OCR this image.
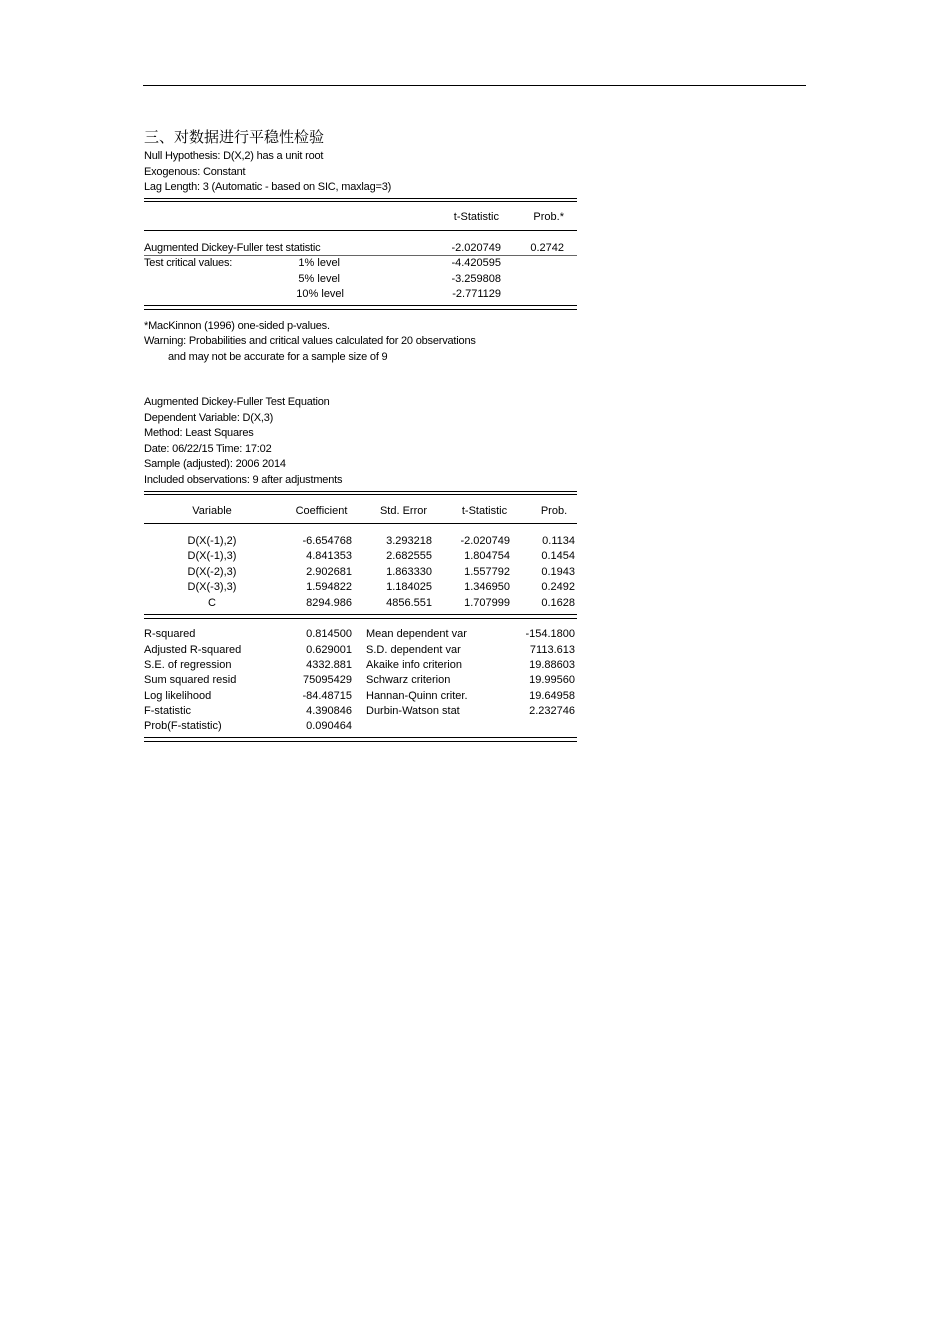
三、对数据进行平稳性检验
Null Hypothesis: D(X,2) has a unit root
Exogenous: Constant
Lag Length: 3 (Automatic - based on SIC, maxlag=3)
t-Statistic	Prob.*
Augmented Dickey-Fuller test statistic	-2.020749	0.2742
Test critical values:	1% level	-4.420595
5% level	-3.259808
10% level	-2.771129
*MacKinnon (1996) one-sided p-values.
Warning: Probabilities and critical values calculated for 20 observations
and may not be accurate for a sample size of 9
Augmented Dickey-Fuller Test Equation
Dependent Variable: D(X,3)
Method: Least Squares
Date: 06/22/15 Time: 17:02
Sample (adjusted): 2006 2014
Included observations: 9 after adjustments
Variable	Coefficient	Std. Error	t-Statistic	Prob.
D(X(-1),2)	-6.654768	3.293218	-2.020749	0.1134
D(X(-1),3)	4.841353	2.682555	1.804754	0.1454
D(X(-2),3)	2.902681	1.863330	1.557792	0.1943
D(X(-3),3)	1.594822	1.184025	1.346950	0.2492
C	8294.986	4856.551	1.707999	0.1628
R-squared	0.814500 Mean dependent var	-154.1800
Adjusted R-squared	0.629001 S.D. dependent var	7113.613
S.E. of regression	4332.881 Akaike info criterion	19.88603
Sum squared resid	75095429 Schwarz criterion	19.99560
Log likelihood	-84.48715 Hannan-Quinn criter.	19.64958
F-statistic	4.390846 Durbin-Watson stat	2.232746
Prob(F-statistic)	0.090464
